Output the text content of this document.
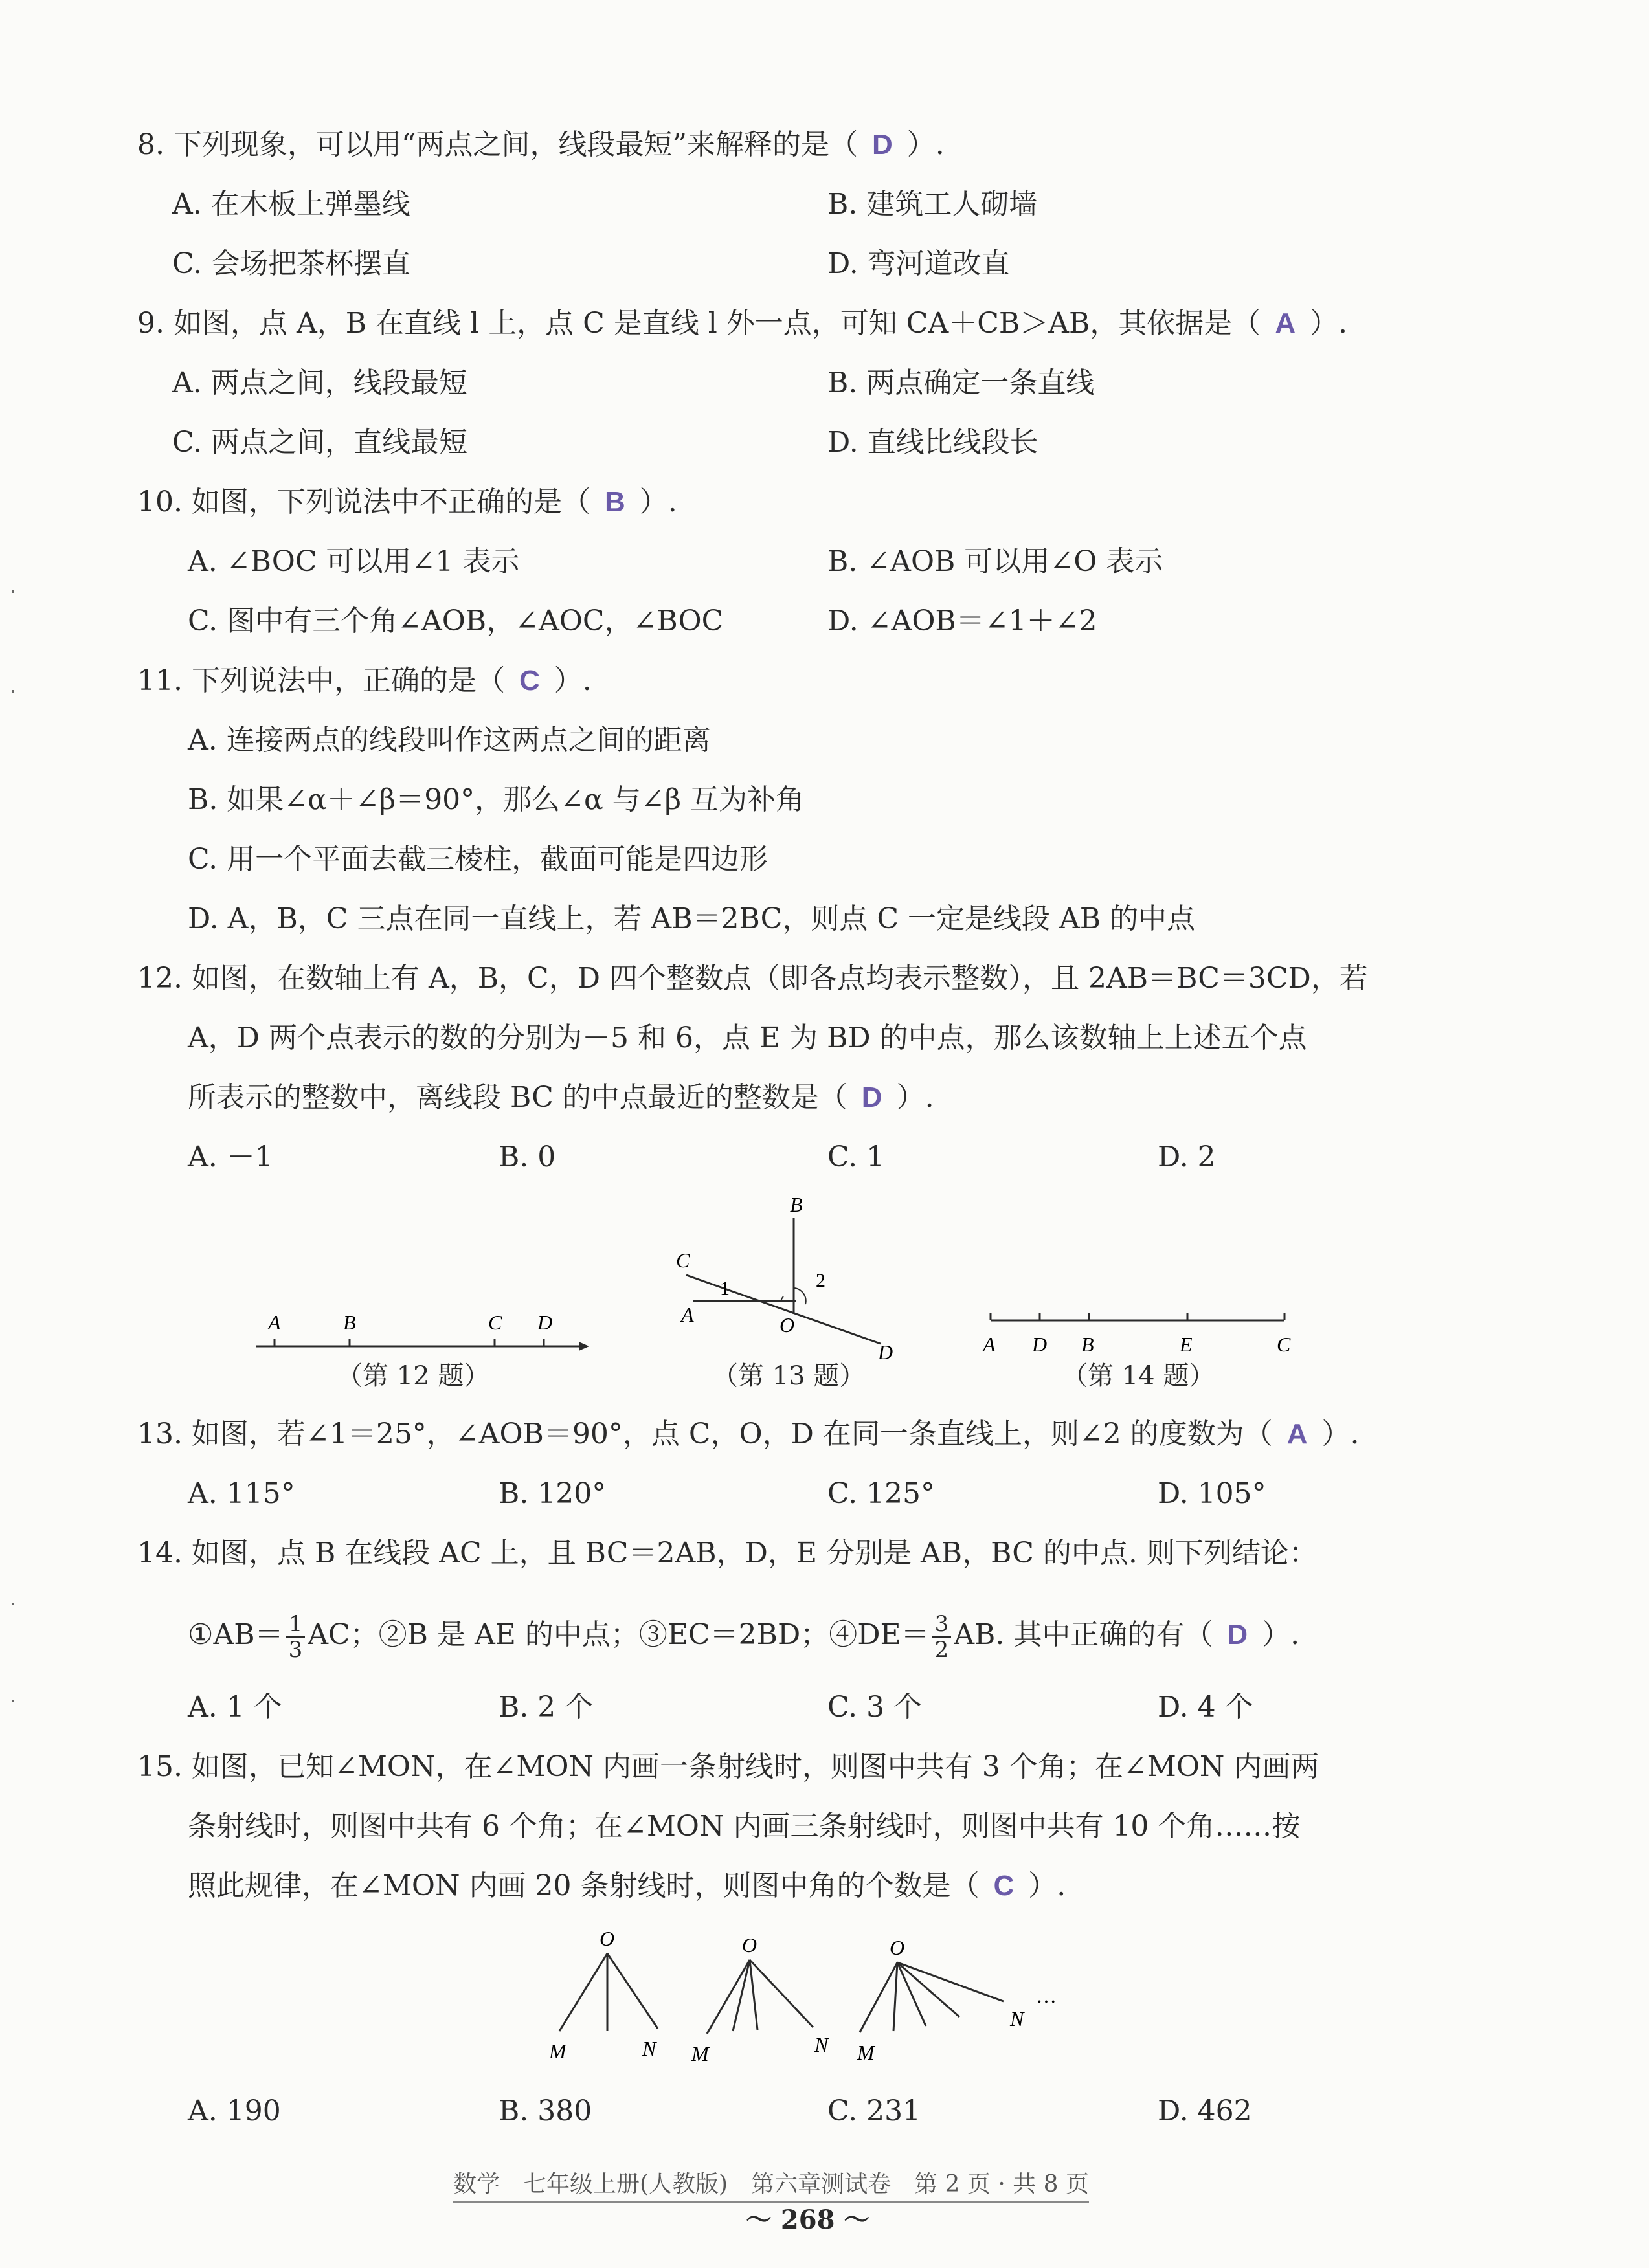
8. 下列现象，可以用“两点之间，线段最短”来解释的是（ D ）.
A. 在木板上弹墨线	B. 建筑工人砌墙
C. 会场把茶杯摆直	D. 弯河道改直
9. 如图，点 A，B 在直线 l 上，点 C 是直线 l 外一点，可知 CA＋CB＞AB，其依据是（ A ）.
A. 两点之间，线段最短	B. 两点确定一条直线
C. 两点之间，直线最短	D. 直线比线段长
10. 如图，下列说法中不正确的是（ B ）.
A. ∠BOC 可以用∠1 表示	B. ∠AOB 可以用∠O 表示
C. 图中有三个角∠AOB，∠AOC，∠BOC	D. ∠AOB＝∠1＋∠2
11. 下列说法中，正确的是（ C ）.
A. 连接两点的线段叫作这两点之间的距离
B. 如果∠α＋∠β＝90°，那么∠α 与∠β 互为补角
C. 用一个平面去截三棱柱，截面可能是四边形
D. A，B，C 三点在同一直线上，若 AB＝2BC，则点 C 一定是线段 AB 的中点
12. 如图，在数轴上有 A，B，C，D 四个整数点（即各点均表示整数），且 2AB＝BC＝3CD，若
A，D 两个点表示的数的分别为－5 和 6，点 E 为 BD 的中点，那么该数轴上上述五个点
所表示的整数中，离线段 BC 的中点最近的整数是（ D ）.
A. －1	B. 0	C. 1	D. 2
A	B	C D
（第 12 题）
B
C
1	2
A	O
D
（第 13 题）
A D B	E	C
（第 14 题）
13. 如图，若∠1＝25°，∠AOB＝90°，点 C，O，D 在同一条直线上，则∠2 的度数为（ A ）.
A. 115°	B. 120°	C. 125°	D. 105°
14. 如图，点 B 在线段 AC 上，且 BC＝2AB，D，E 分别是 AB，BC 的中点. 则下列结论：
①AB＝ $\frac{1}{3}$ AC；②B 是 AE 的中点；③EC＝2BD；④DE＝ $\frac{3}{2}$ AB. 其中正确的有（ D ）.
A. 1 个	B. 2 个	C. 3 个	D. 4 个
15. 如图，已知∠MON，在∠MON 内画一条射线时，则图中共有 3 个角；在∠MON 内画两
条射线时，则图中共有 6 个角；在∠MON 内画三条射线时，则图中共有 10 个角……按
照此规律，在∠MON 内画 20 条射线时，则图中角的个数是（ C ）.
O
M	N
O
M	N
O
M
N
…
A. 190	B. 380	C. 231	D. 462
数学　七年级上册(人教版)　第六章测试卷　第 2 页 · 共 8 页
～ 268 ～
